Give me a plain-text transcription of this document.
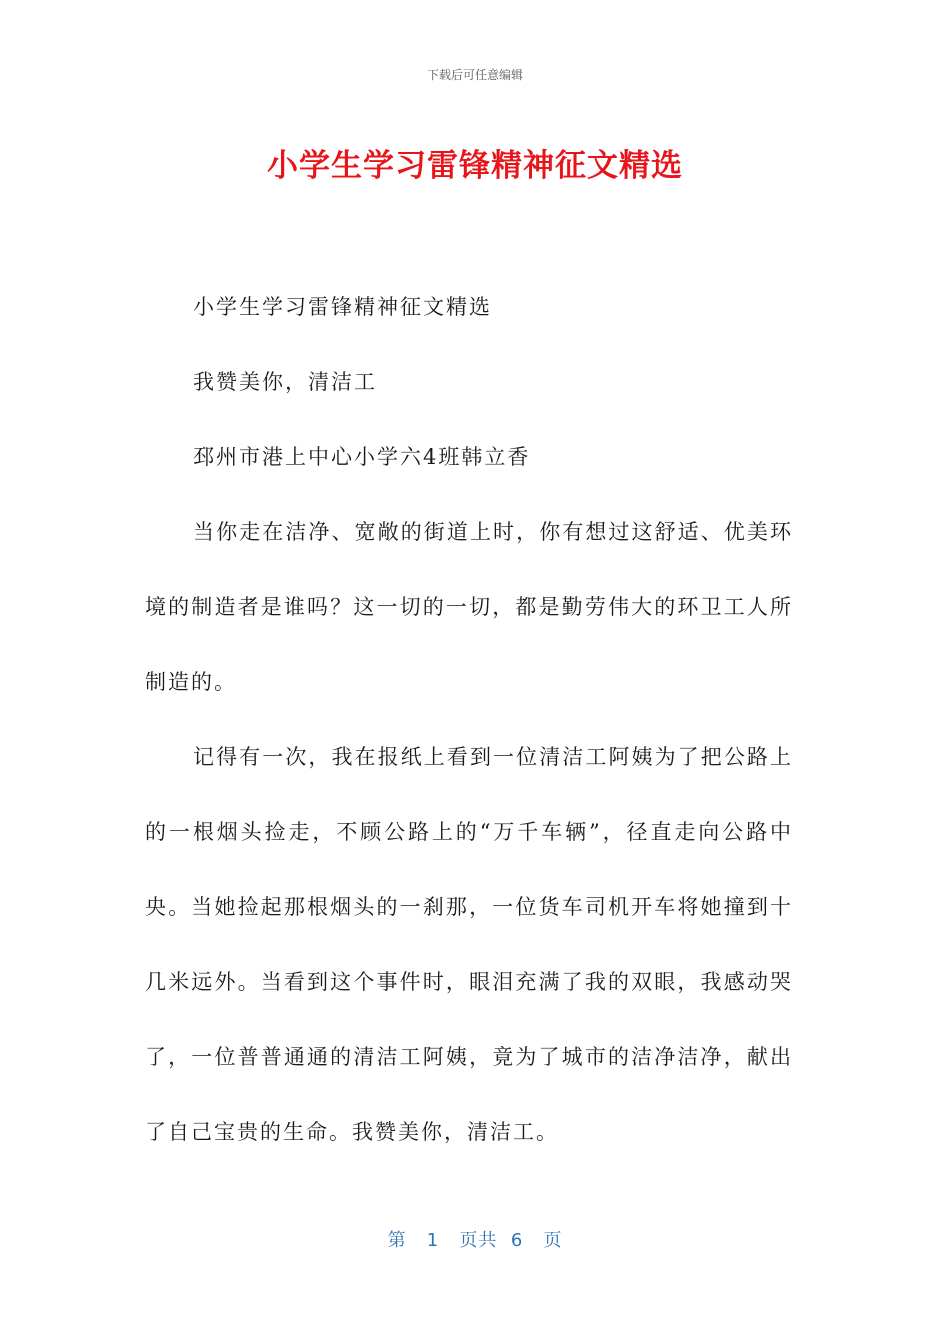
下载后可任意编辑
小学生学习雷锋精神征文精选

小学生学习雷锋精神征文精选

我赞美你，清洁工

邳州市港上中心小学六4班韩立香

当你走在洁净、宽敞的街道上时，你有想过这舒适、优美环境的制造者是谁吗？这一切的一切，都是勤劳伟大的环卫工人所制造的。

记得有一次，我在报纸上看到一位清洁工阿姨为了把公路上的一根烟头捡走，不顾公路上的“万千车辆”，径直走向公路中央。当她捡起那根烟头的一刹那，一位货车司机开车将她撞到十几米远外。当看到这个事件时，眼泪充满了我的双眼，我感动哭了，一位普普通通的清洁工阿姨，竟为了城市的洁净洁净，献出了自己宝贵的生命。我赞美你，清洁工。

第 1 页共 6 页
